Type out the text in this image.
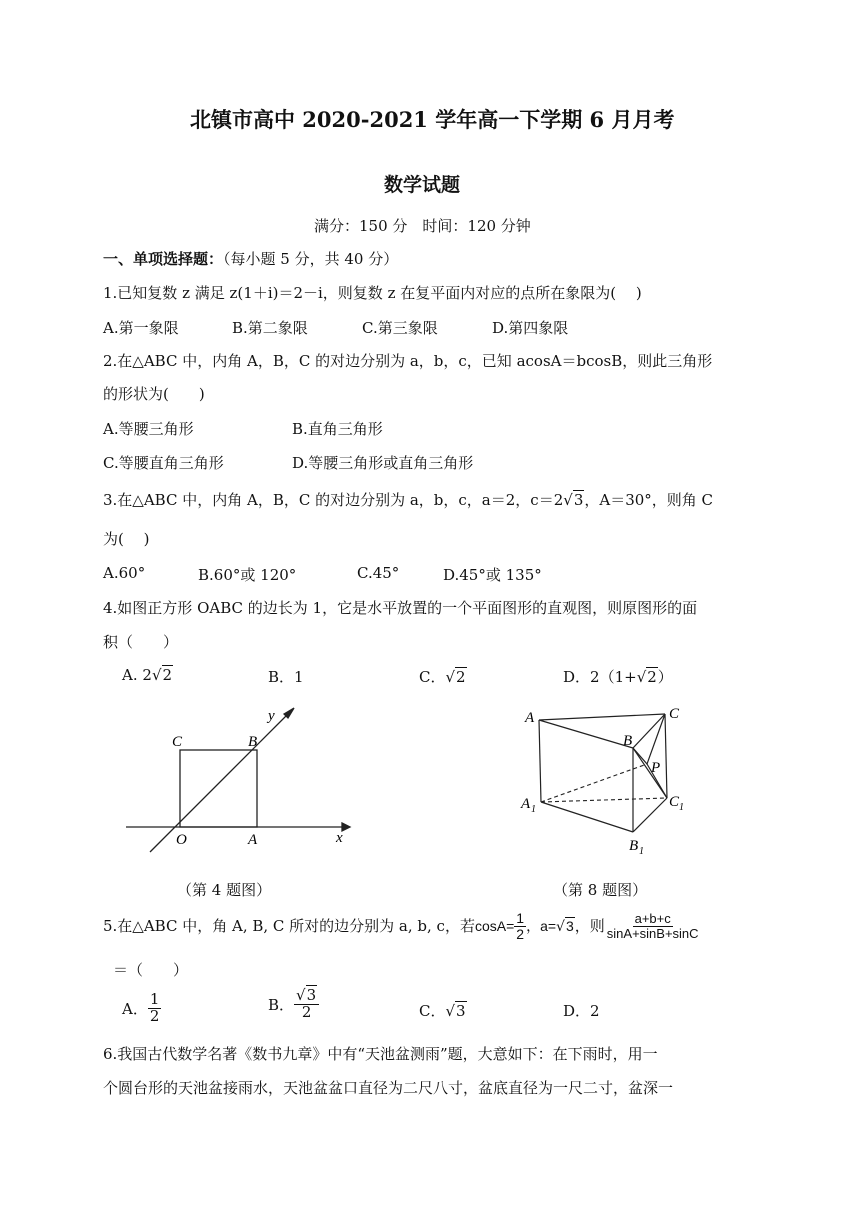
北镇市高中 2020-2021 学年高一下学期 6 月月考
数学试题
满分：150 分　时间：120 分钟
一、单项选择题：（每小题 5 分，共 40 分）
1.已知复数 z 满足 z(1＋i)＝2－i，则复数 z 在复平面内对应的点所在象限为(　 )
A.第一象限	B.第二象限	C.第三象限	D.第四象限
2.在△ABC 中，内角 A，B，C 的对边分别为 a，b，c，已知 acosA＝bcosB，则此三角形
的形状为(　　)
A.等腰三角形	B.直角三角形
C.等腰直角三角形	D.等腰三角形或直角三角形
3.在△ABC 中，内角 A，B，C 的对边分别为 a，b，c，a＝2，c＝2√3，A＝30°，则角 C
为(　 )
A.60°	B.60°或 120°	C.45°	D.45°或 135°
4.如图正方形 OABC 的边长为 1，它是水平放置的一个平面图形的直观图，则原图形的面
积（　　）
A. 2√2	B．1	C．√2	D．2（1+√2）
C	B
O	A	x
y
（第 4 题图）
A
B
C
P
A 1	C 1
B 1
（第 8 题图）
5.在△ABC 中，角 A, B, C 所对的边分别为 a, b, c，若 $\cos A= \frac{1}{2}$ ，a= √3 ，则 $\frac{a+b+c}{\sin A+\sin B+\sin C}$
＝（　　）
A． $\frac{1}{2}$	B． $\frac{√3}{2}$	C．√3	D．2
6.我国古代数学名著《数书九章》中有“天池盆测雨”题，大意如下：在下雨时，用一
个圆台形的天池盆接雨水，天池盆盆口直径为二尺八寸，盆底直径为一尺二寸，盆深一
